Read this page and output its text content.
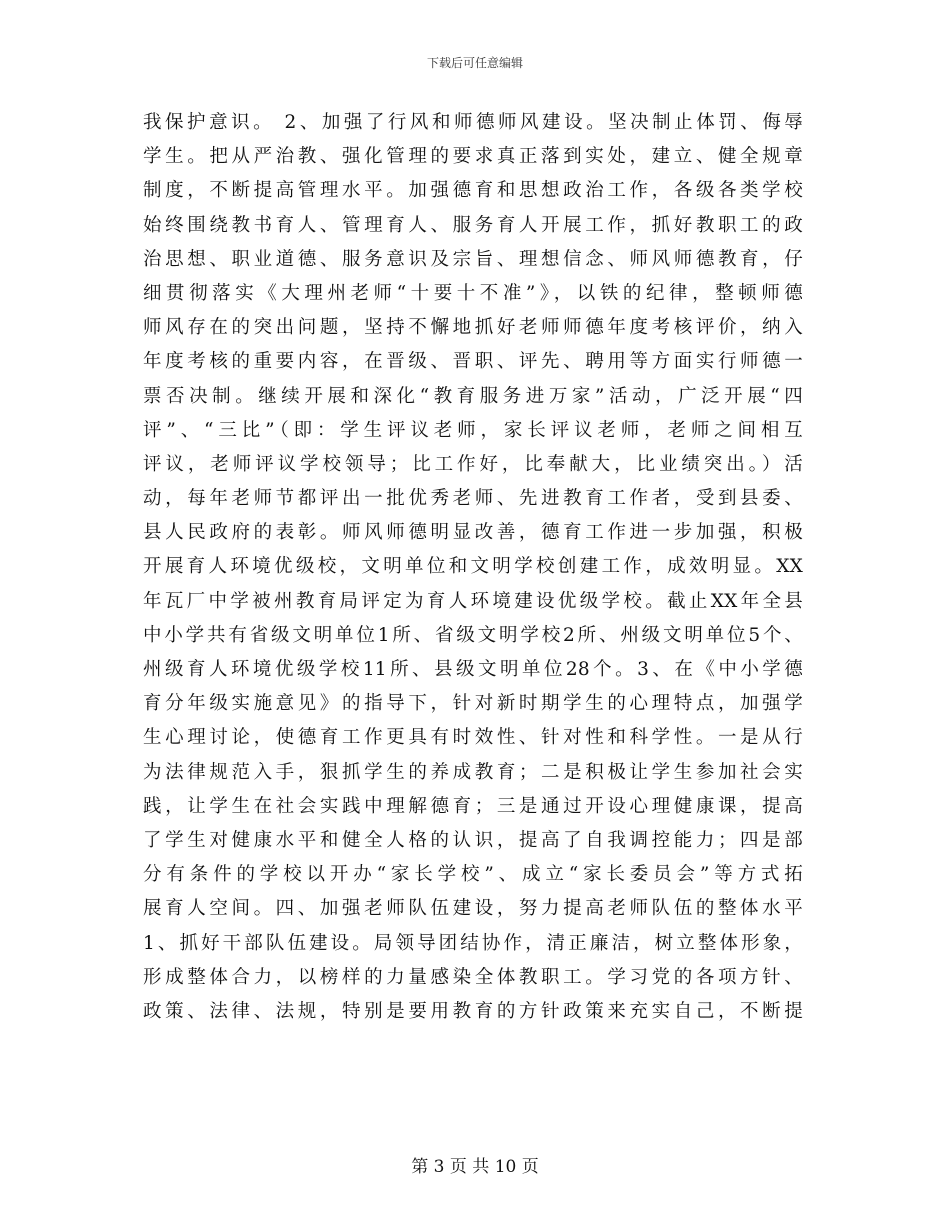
下载后可任意编辑
我保护意识。 2、加强了行风和师德师风建设。坚决制止体罚、侮辱
学生。把从严治教、强化管理的要求真正落到实处，建立、健全规章
制度，不断提高管理水平。加强德育和思想政治工作，各级各类学校
始终围绕教书育人、管理育人、服务育人开展工作，抓好教职工的政
治思想、职业道德、服务意识及宗旨、理想信念、师风师德教育，仔
细贯彻落实《大理州老师“十要十不准”》，以铁的纪律，整顿师德
师风存在的突出问题，坚持不懈地抓好老师师德年度考核评价，纳入
年度考核的重要内容，在晋级、晋职、评先、聘用等方面实行师德一
票否决制。继续开展和深化“教育服务进万家”活动，广泛开展“四
评”、“三比”（即：学生评议老师，家长评议老师，老师之间相互
评议，老师评议学校领导；比工作好，比奉献大，比业绩突出。）活
动，每年老师节都评出一批优秀老师、先进教育工作者，受到县委、
县人民政府的表彰。师风师德明显改善，德育工作进一步加强，积极
开展育人环境优级校，文明单位和文明学校创建工作，成效明显。XX
年瓦厂中学被州教育局评定为育人环境建设优级学校。截止XX年全县
中小学共有省级文明单位1所、省级文明学校2所、州级文明单位5个、
州级育人环境优级学校11所、县级文明单位28个。3、在《中小学德
育分年级实施意见》的指导下，针对新时期学生的心理特点，加强学
生心理讨论，使德育工作更具有时效性、针对性和科学性。一是从行
为法律规范入手，狠抓学生的养成教育；二是积极让学生参加社会实
践，让学生在社会实践中理解德育；三是通过开设心理健康课，提高
了学生对健康水平和健全人格的认识，提高了自我调控能力；四是部
分有条件的学校以开办“家长学校”、成立“家长委员会”等方式拓
展育人空间。四、加强老师队伍建设，努力提高老师队伍的整体水平
1、抓好干部队伍建设。局领导团结协作，清正廉洁，树立整体形象，
形成整体合力，以榜样的力量感染全体教职工。学习党的各项方针、
政策、法律、法规，特别是要用教育的方针政策来充实自己，不断提
第 3 页 共 10 页
